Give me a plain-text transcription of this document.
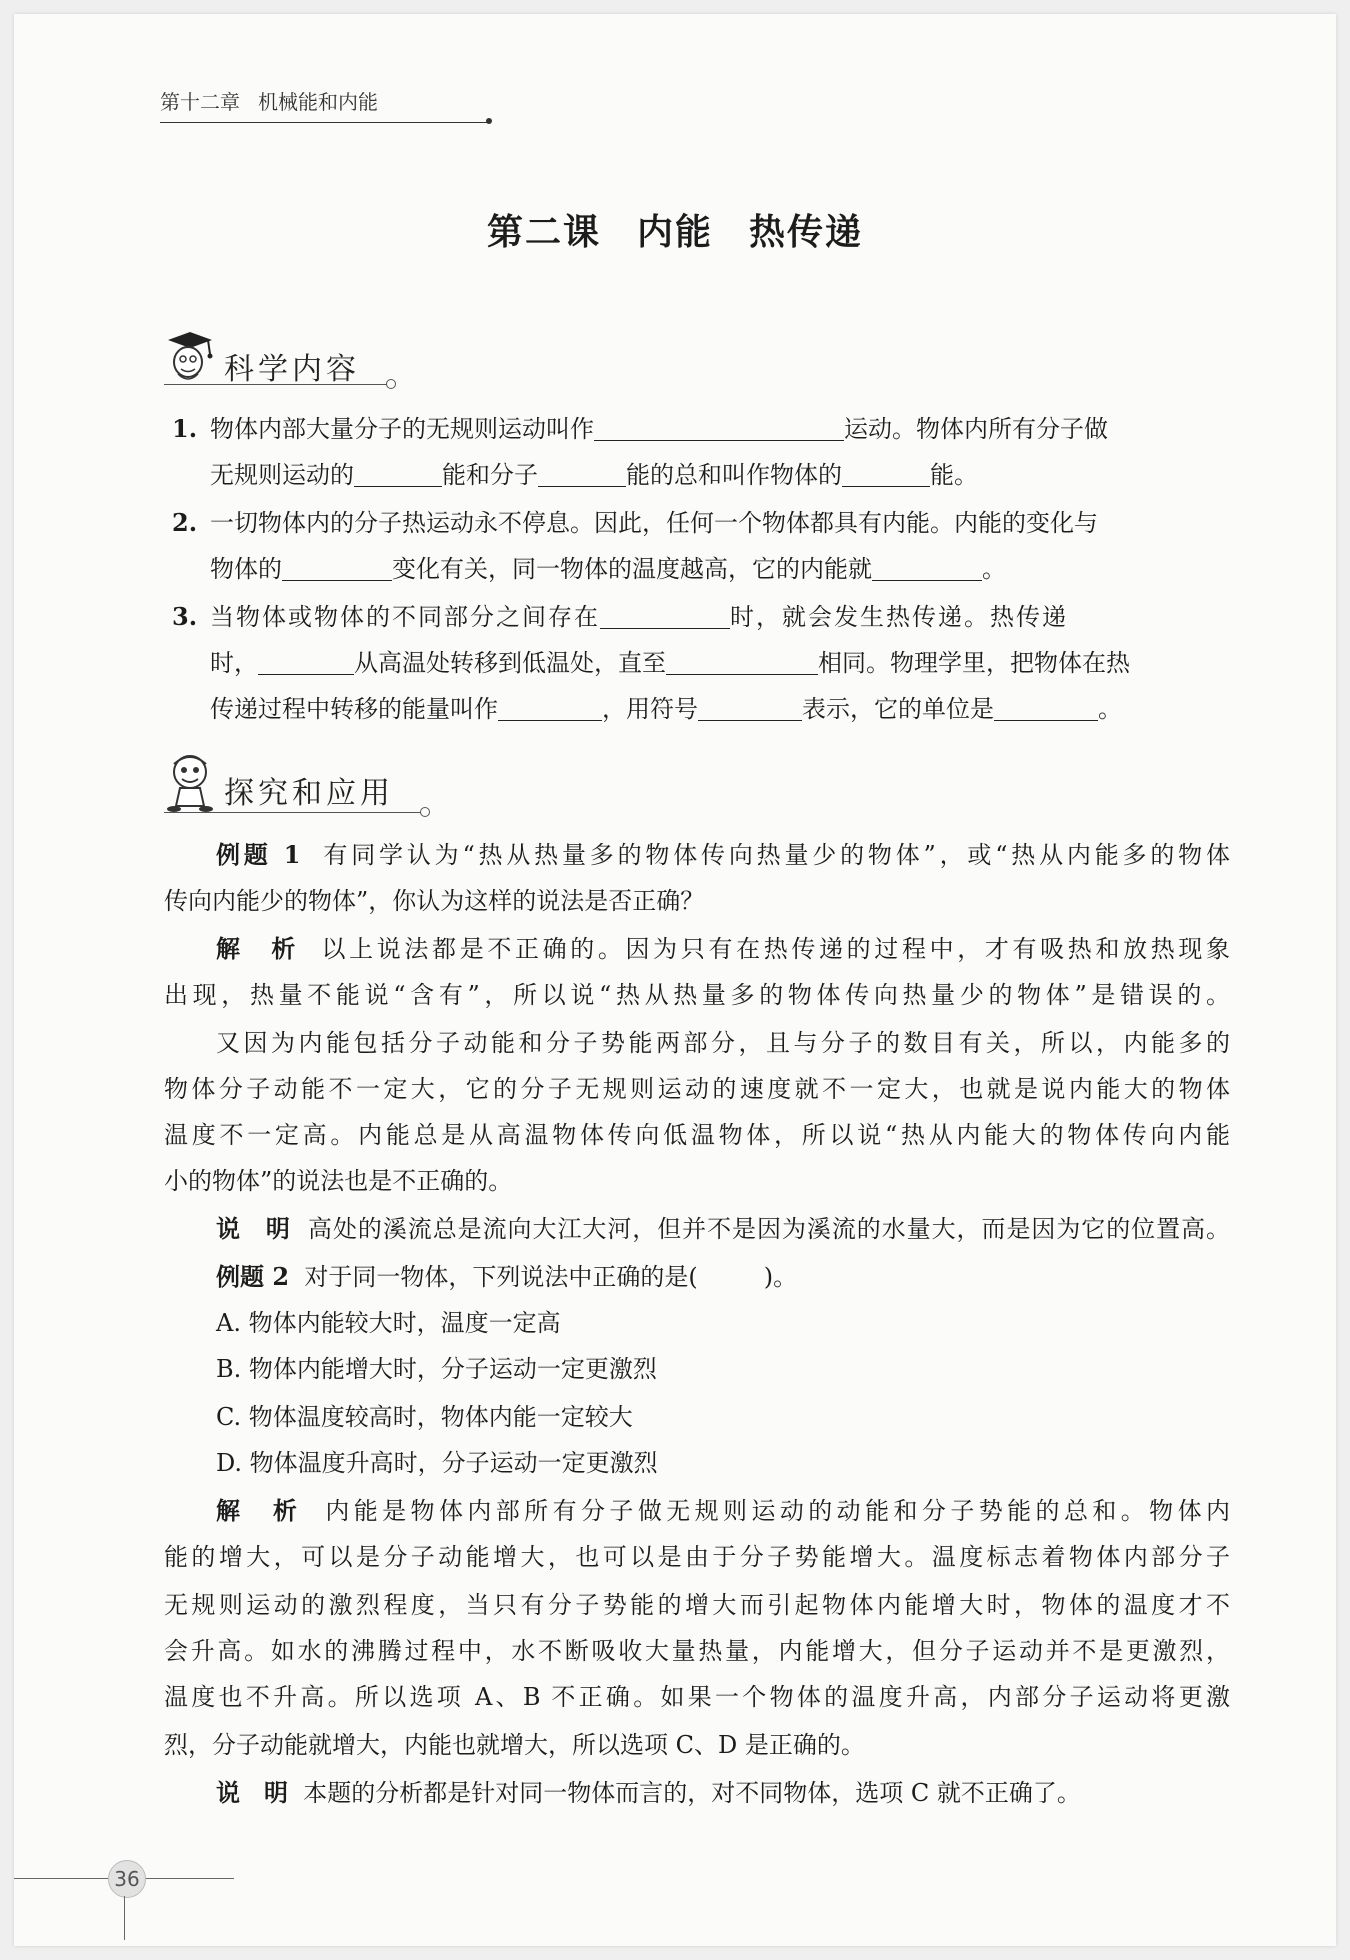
第十二章 机械能和内能
第二课 内能 热传递
科学内容
1. 物体内部大量分子的无规则运动叫作	运动。物体内所有分子做
无规则运动的	能和分子	能的总和叫作物体的	能。
2. 一切物体内的分子热运动永不停息。因此，任何一个物体都具有内能。内能的变化与
物体的	变化有关，同一物体的温度越高，它的内能就	。
3. 当物体或物体的不同部分之间存在	时，就会发生热传递。热传递
时，	从高温处转移到低温处，直至	相同。物理学里，把物体在热
传递过程中转移的能量叫作	，用符号	表示，它的单位是	。
探究和应用
例题 1 有同学认为“热从热量多的物体传向热量少的物体”，或“热从内能多的物体
传向内能少的物体”，你认为这样的说法是否正确？
解　析 以上说法都是不正确的。因为只有在热传递的过程中，才有吸热和放热现象
出现，热量不能说“含有”，所以说“热从热量多的物体传向热量少的物体”是错误的。
又因为内能包括分子动能和分子势能两部分，且与分子的数目有关，所以，内能多的
物体分子动能不一定大，它的分子无规则运动的速度就不一定大，也就是说内能大的物体
温度不一定高。内能总是从高温物体传向低温物体，所以说“热从内能大的物体传向内能
小的物体”的说法也是不正确的。
说　明 高处的溪流总是流向大江大河，但并不是因为溪流的水量大，而是因为它的位置高。
例题 2 对于同一物体，下列说法中正确的是(	)。
A. 物体内能较大时，温度一定高
B. 物体内能增大时，分子运动一定更激烈
C. 物体温度较高时，物体内能一定较大
D. 物体温度升高时，分子运动一定更激烈
解　析 内能是物体内部所有分子做无规则运动的动能和分子势能的总和。物体内
能的增大，可以是分子动能增大，也可以是由于分子势能增大。温度标志着物体内部分子
无规则运动的激烈程度，当只有分子势能的增大而引起物体内能增大时，物体的温度才不
会升高。如水的沸腾过程中，水不断吸收大量热量，内能增大，但分子运动并不是更激烈，
温度也不升高。所以选项 A、B 不正确。如果一个物体的温度升高，内部分子运动将更激
烈，分子动能就增大，内能也就增大，所以选项 C、D 是正确的。
说　明 本题的分析都是针对同一物体而言的，对不同物体，选项 C 就不正确了。
36
